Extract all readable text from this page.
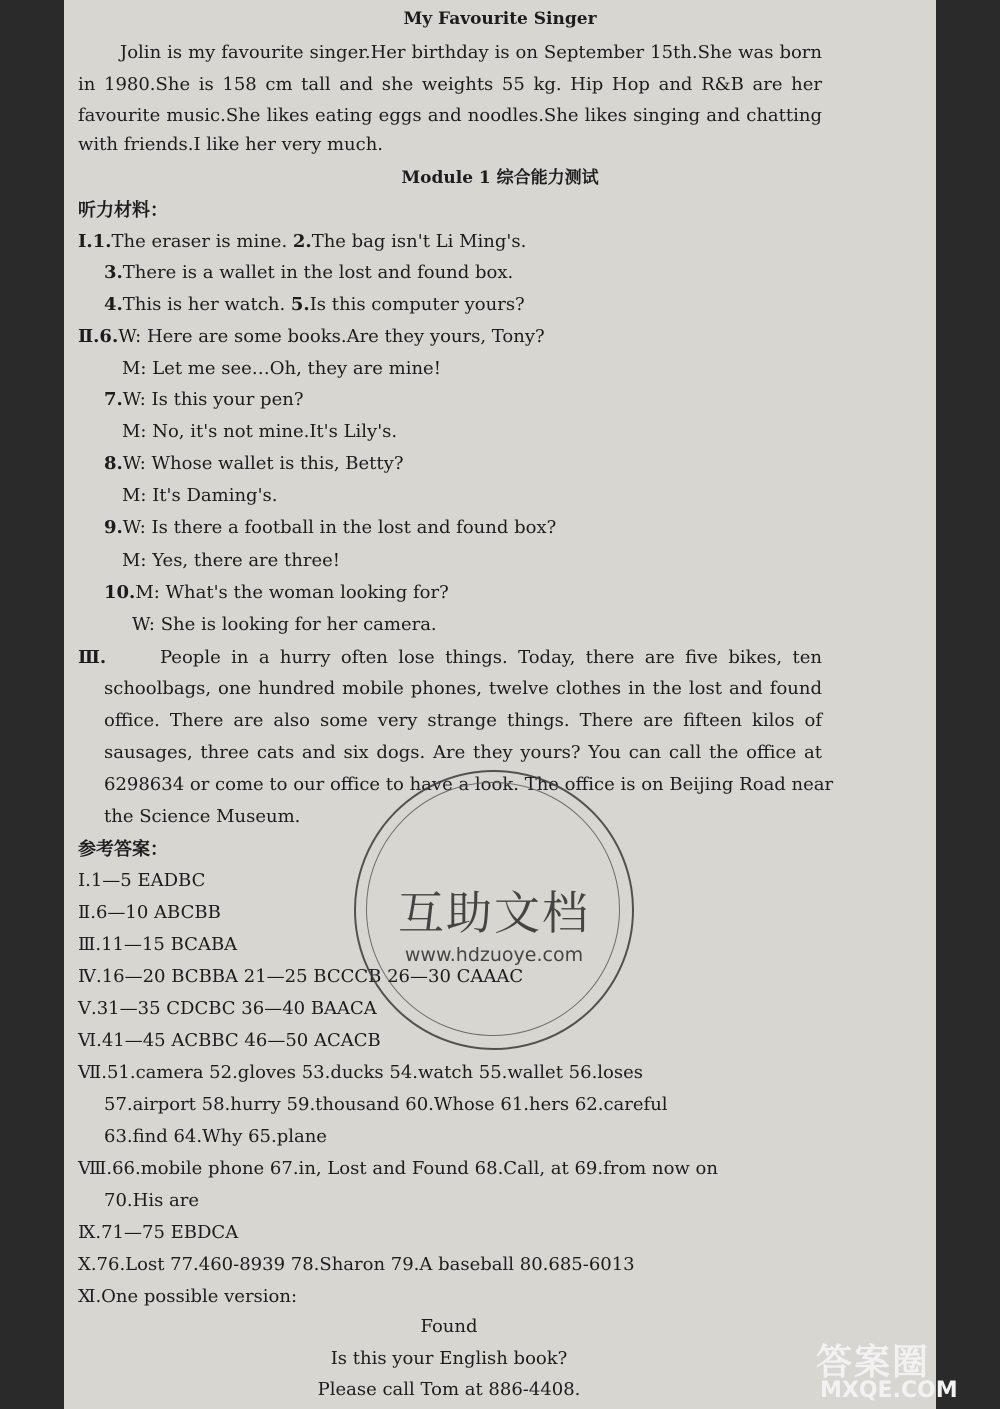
My Favourite Singer
Jolin is my favourite singer.Her birthday is on September 15th.She was born
in 1980.She is 158 cm tall and she weights 55 kg. Hip Hop and R&B are her
favourite music.She likes eating eggs and noodles.She likes singing and chatting
with friends.I like her very much.
Module 1 综合能力测试
听力材料：
Ⅰ.1.The eraser is mine. 2.The bag isn't Li Ming's.
3.There is a wallet in the lost and found box.
4.This is her watch. 5.Is this computer yours?
Ⅱ.6.W: Here are some books.Are they yours, Tony?
M: Let me see…Oh, they are mine!
7.W: Is this your pen?
M: No, it's not mine.It's Lily's.
8.W: Whose wallet is this, Betty?
M: It's Daming's.
9.W: Is there a football in the lost and found box?
M: Yes, there are three!
10.M: What's the woman looking for?
W: She is looking for her camera.
Ⅲ.	People in a hurry often lose things. Today, there are five bikes, ten
schoolbags, one hundred mobile phones, twelve clothes in the lost and found
office. There are also some very strange things. There are fifteen kilos of
sausages, three cats and six dogs. Are they yours? You can call the office at
6298634 or come to our office to have a look. The office is on Beijing Road near
the Science Museum.
参考答案：
Ⅰ.1—5 EADBC
Ⅱ.6—10 ABCBB
Ⅲ.11—15 BCABA
Ⅳ.16—20 BCBBA 21—25 BCCCB 26—30 CAAAC
Ⅴ.31—35 CDCBC 36—40 BAACA
Ⅵ.41—45 ACBBC 46—50 ACACB
Ⅶ.51.camera 52.gloves 53.ducks 54.watch 55.wallet 56.loses
57.airport 58.hurry 59.thousand 60.Whose 61.hers 62.careful
63.find 64.Why 65.plane
Ⅷ.66.mobile phone 67.in, Lost and Found 68.Call, at 69.from now on
70.His are
Ⅸ.71—75 EBDCA
Ⅹ.76.Lost 77.460-8939 78.Sharon 79.A baseball 80.685-6013
Ⅺ.One possible version:
Found
Is this your English book?
Please call Tom at 886-4408.
互助文档
www.hdzuoye.com
答案圈
MXQE.COM
